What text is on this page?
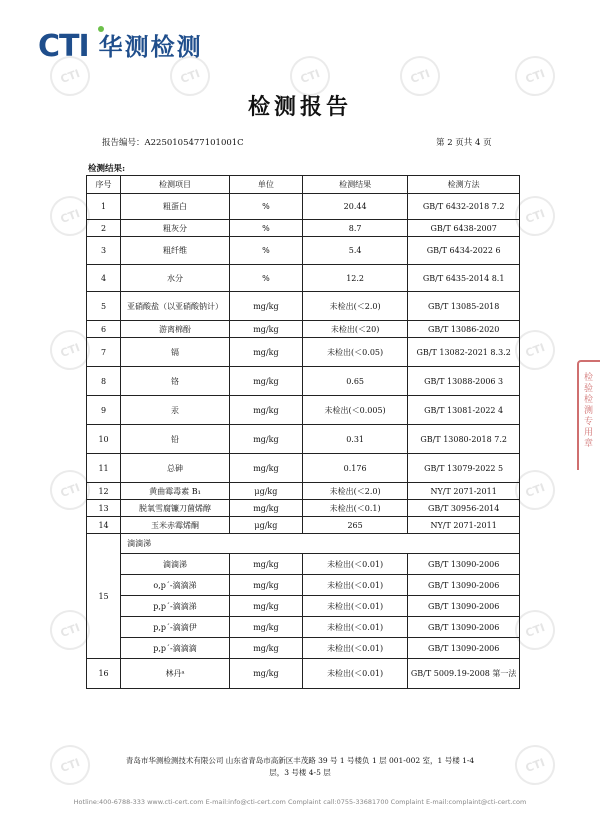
CTI	CTI	CTI	CTI	CTI
CTI	CTI
CTI	CTI
CTI	CTI
CTI	CTI
CTI	CTI
CTI 华测检测
检测报告
报告编号：A2250105477101001C	第 2 页共 4 页
检测结果:
序号	检测项目	单位	检测结果	检测方法
1	粗蛋白	%	20.44	GB/T 6432-2018 7.2
2	粗灰分	%	8.7	GB/T 6438-2007
3	粗纤维	%	5.4	GB/T 6434-2022 6
4	水分	%	12.2	GB/T 6435-2014 8.1
5	亚硝酸盐（以亚硝酸钠计）	mg/kg	未检出(＜2.0)	GB/T 13085-2018
6	游离棉酚	mg/kg	未检出(＜20)	GB/T 13086-2020
7	镉	mg/kg	未检出(＜0.05)	GB/T 13082-2021 8.3.2
8	铬	mg/kg	0.65	GB/T 13088-2006 3
9	汞	mg/kg	未检出(＜0.005)	GB/T 13081-2022 4
10	铅	mg/kg	0.31	GB/T 13080-2018 7.2
11	总砷	mg/kg	0.176	GB/T 13079-2022 5
12	黄曲霉毒素 B₁	μg/kg	未检出(＜2.0)	NY/T 2071-2011
13	脱氧雪腐镰刀菌烯醇	mg/kg	未检出(＜0.1)	GB/T 30956-2014
14	玉米赤霉烯酮	μg/kg	265	NY/T 2071-2011
15	滴滴涕			
	滴滴涕	mg/kg	未检出(＜0.01)	GB/T 13090-2006
	o,p´-滴滴涕	mg/kg	未检出(＜0.01)	GB/T 13090-2006
	p,p´-滴滴涕	mg/kg	未检出(＜0.01)	GB/T 13090-2006
	p,p´-滴滴伊	mg/kg	未检出(＜0.01)	GB/T 13090-2006
	p,p´-滴滴滴	mg/kg	未检出(＜0.01)	GB/T 13090-2006
16	林丹ᵃ	mg/kg	未检出(＜0.01)	GB/T 5009.19-2008 第一法
青岛市华测检测技术有限公司 山东省青岛市高新区丰茂路 39 号 1 号楼负 1 层 001-002 室，1 号楼 1-4
层，3 号楼 4-5 层
Hotline:400-6788-333 www.cti-cert.com E-mail:info@cti-cert.com Complaint call:0755-33681700 Complaint E-mail:complaint@cti-cert.com
检验检测专用章
